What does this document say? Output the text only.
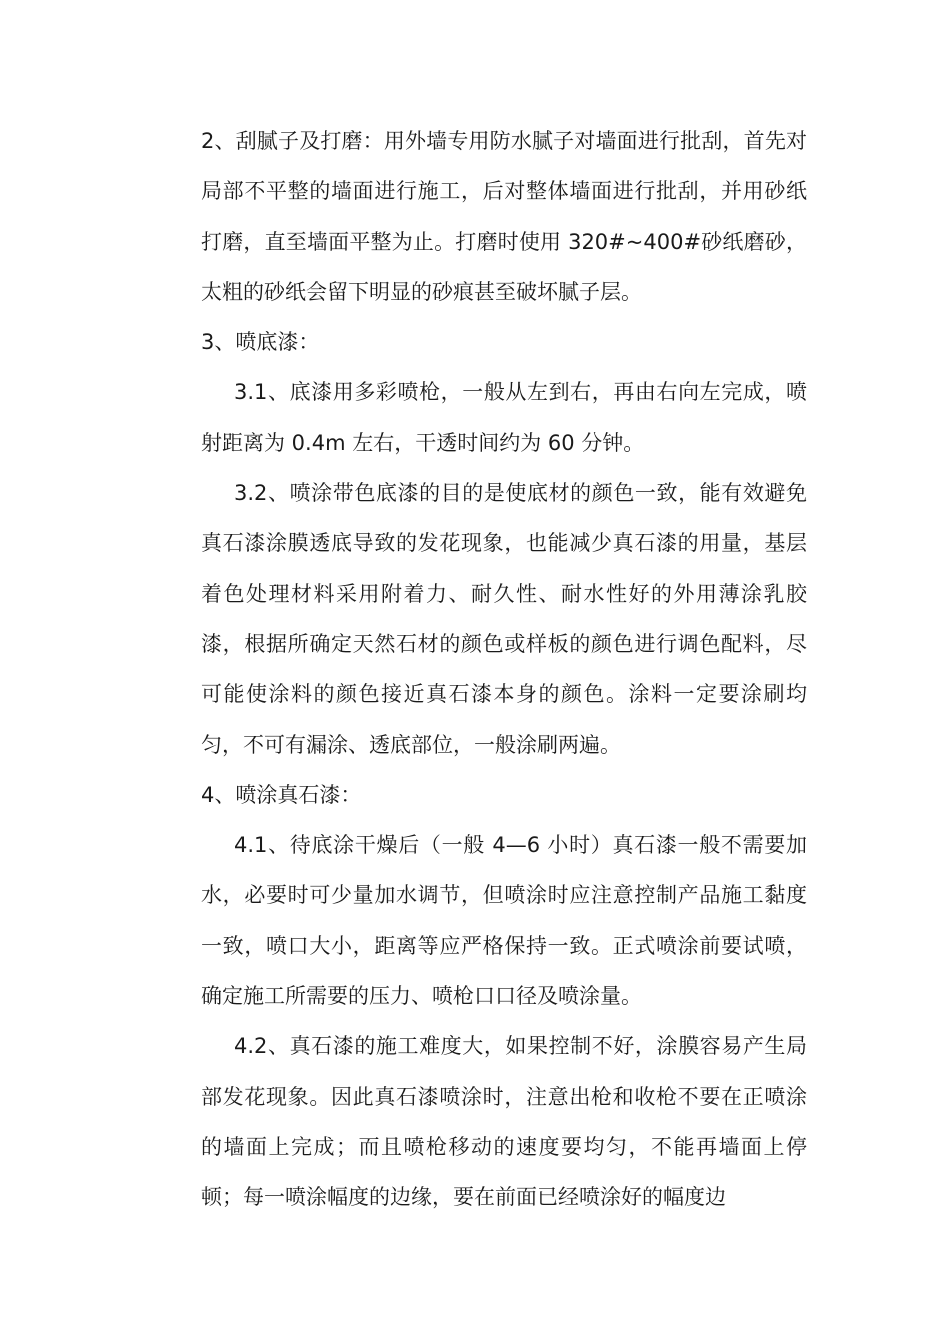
2、刮腻子及打磨：用外墙专用防水腻子对墙面进行批刮，首先对局部不平整的墙面进行施工，后对整体墙面进行批刮，并用砂纸打磨，直至墙面平整为止。打磨时使用 320#~400#砂纸磨砂，太粗的砂纸会留下明显的砂痕甚至破坏腻子层。

3、喷底漆：

3.1、底漆用多彩喷枪，一般从左到右，再由右向左完成，喷射距离为 0.4m 左右，干透时间约为 60 分钟。

3.2、喷涂带色底漆的目的是使底材的颜色一致，能有效避免真石漆涂膜透底导致的发花现象，也能减少真石漆的用量，基层着色处理材料采用附着力、耐久性、耐水性好的外用薄涂乳胶漆，根据所确定天然石材的颜色或样板的颜色进行调色配料，尽可能使涂料的颜色接近真石漆本身的颜色。涂料一定要涂刷均匀，不可有漏涂、透底部位，一般涂刷两遍。

4、喷涂真石漆：

4.1、待底涂干燥后（一般 4—6 小时）真石漆一般不需要加水，必要时可少量加水调节，但喷涂时应注意控制产品施工黏度一致，喷口大小，距离等应严格保持一致。正式喷涂前要试喷，确定施工所需要的压力、喷枪口口径及喷涂量。

4.2、真石漆的施工难度大，如果控制不好，涂膜容易产生局部发花现象。因此真石漆喷涂时，注意出枪和收枪不要在正喷涂的墙面上完成；而且喷枪移动的速度要均匀，不能再墙面上停顿；每一喷涂幅度的边缘，要在前面已经喷涂好的幅度边
